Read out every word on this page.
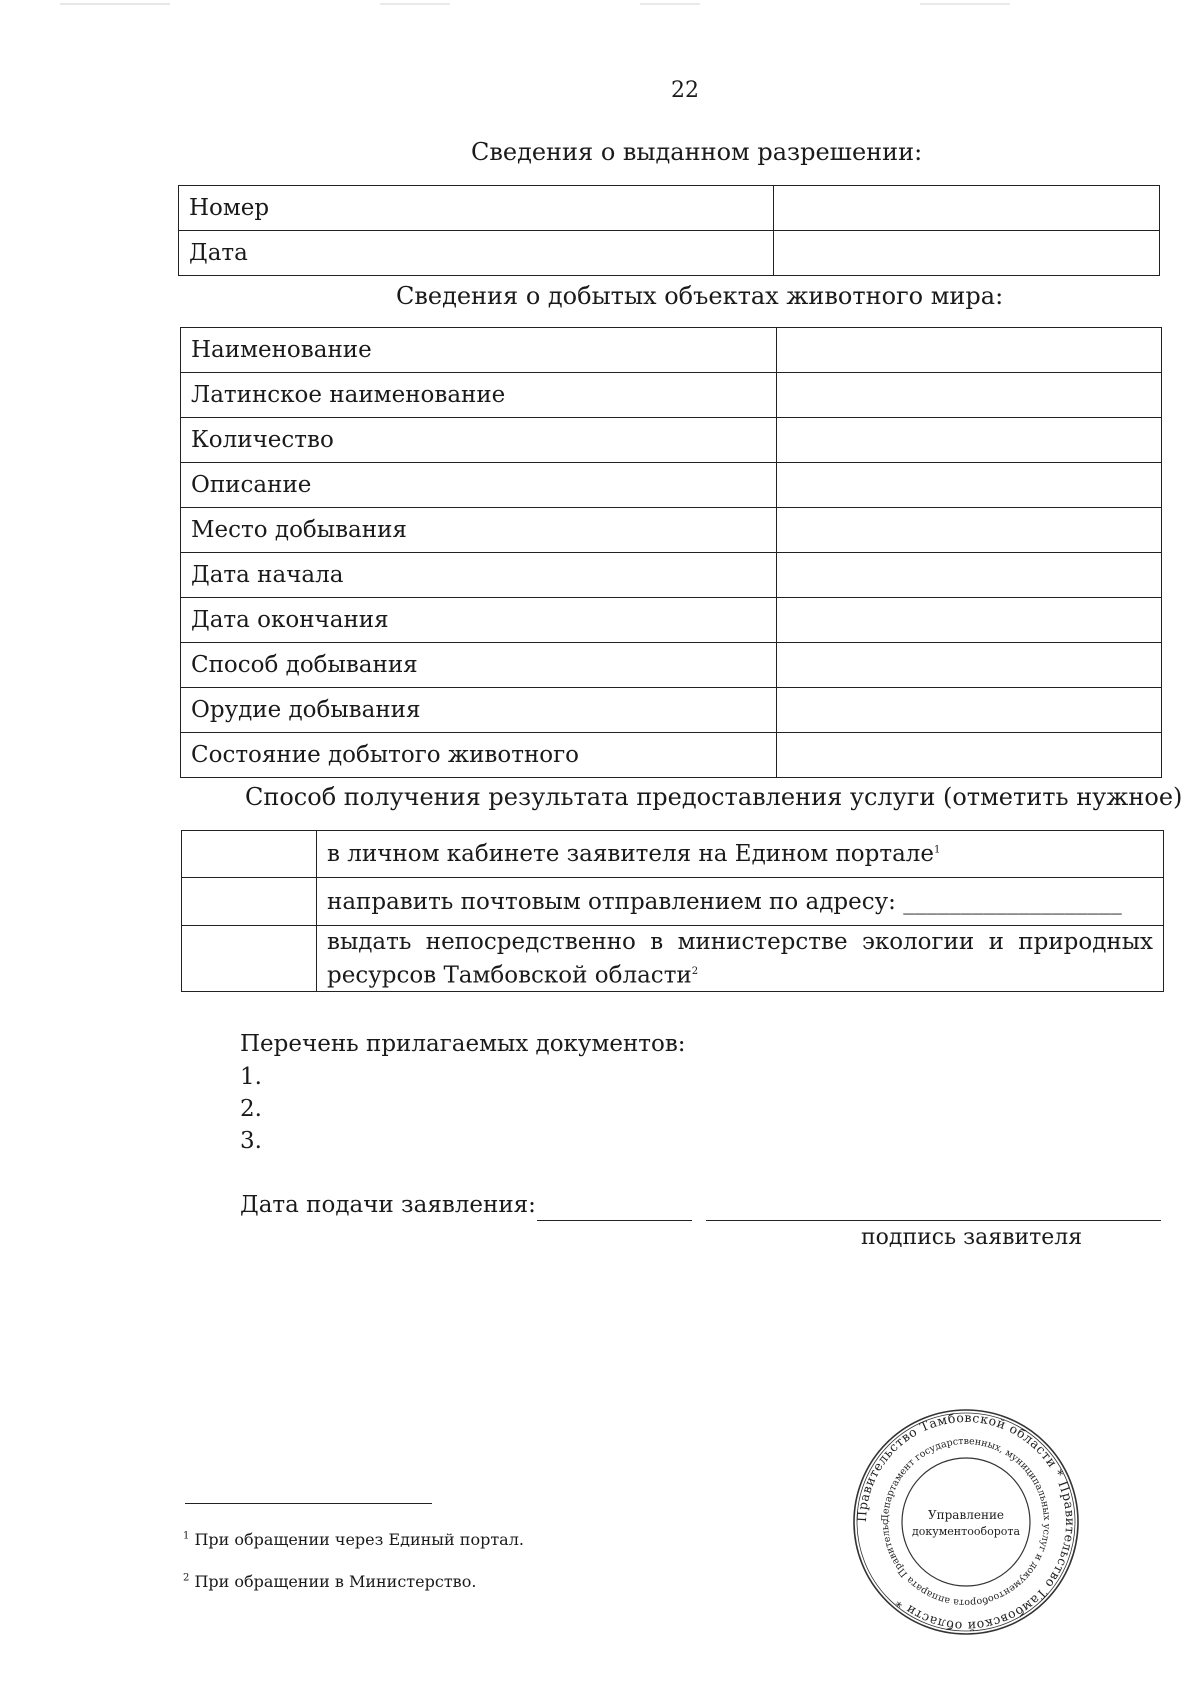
22
Сведения о выданном разрешении:
Номер	
Дата	
Сведения о добытых объектах животного мира:
Наименование	
Латинское наименование	
Количество	
Описание	
Место добывания	
Дата начала	
Дата окончания	
Способ добывания	
Орудие добывания	
Состояние добытого животного	
Способ получения результата предоставления услуги (отметить нужное)
	в личном кабинете заявителя на Едином портале$^1$
	направить почтовым отправлением по адресу: ___________________
	выдать непосредственно в министерстве экологии и природных ресурсов Тамбовской области$^2$
Перечень прилагаемых документов:
1.
2.
3.
Дата подачи заявления:
подпись заявителя
$^1$ При обращении через Единый портал.
$^2$ При обращении в Министерство.
Правительство Тамбовской области * Правительство Тамбовской области *
Департамент государственных, муниципальных услуг и документооборота аппарата Правительс
Управление
документооборота
